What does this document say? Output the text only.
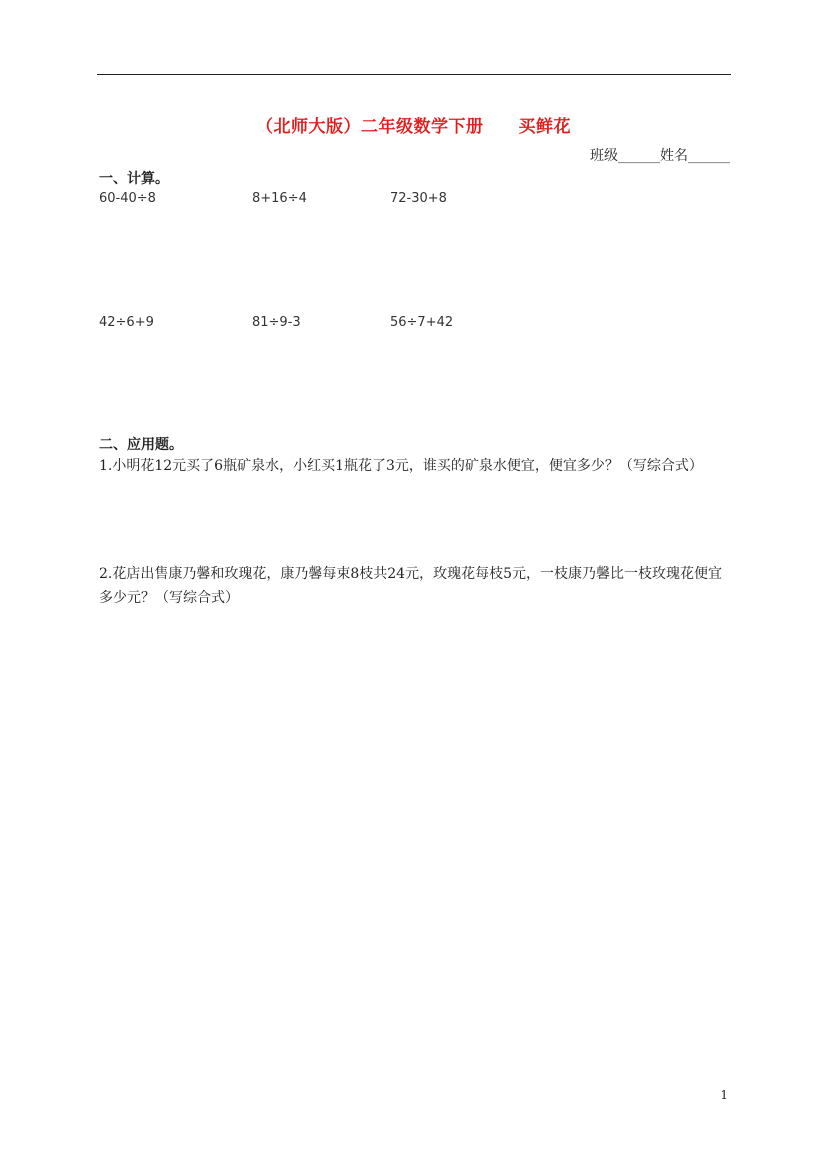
（北师大版）二年级数学下册　　买鲜花
班级______姓名______
一、计算。
60-40÷8	8+16÷4	72-30+8
42÷6+9	81÷9-3	56÷7+42
二、应用题。
1.小明花12元买了6瓶矿泉水，小红买1瓶花了3元，谁买的矿泉水便宜，便宜多少？（写综合式）
2.花店出售康乃馨和玫瑰花，康乃馨每束8枝共24元，玫瑰花每枝5元，一枝康乃馨比一枝玫瑰花便宜多少元？（写综合式）
1
